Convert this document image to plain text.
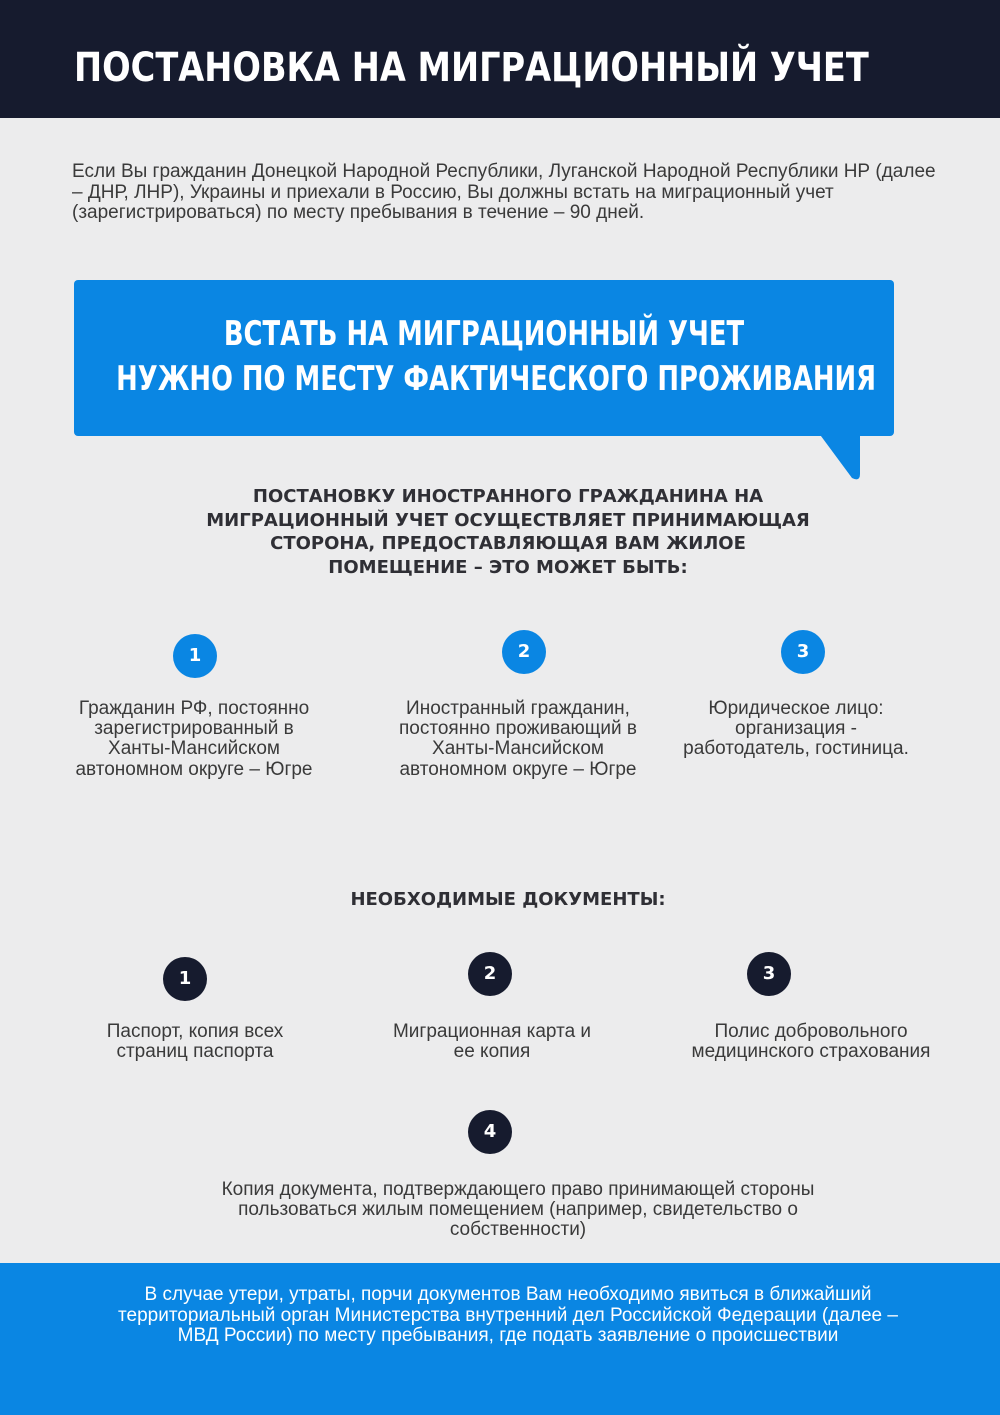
ПОСТАНОВКА НА МИГРАЦИОННЫЙ УЧЕТ

Если Вы гражданин Донецкой Народной Республики, Луганской Народной Республики НР (далее – ДНР, ЛНР), Украины и приехали в Россию, Вы должны встать на миграционный учет (зарегистрироваться) по месту пребывания в течение – 90 дней.

ВСТАТЬ НА МИГРАЦИОННЫЙ УЧЕТ
НУЖНО ПО МЕСТУ ФАКТИЧЕСКОГО ПРОЖИВАНИЯ

ПОСТАНОВКУ ИНОСТРАННОГО ГРАЖДАНИНА НА МИГРАЦИОННЫЙ УЧЕТ ОСУЩЕСТВЛЯЕТ ПРИНИМАЮЩАЯ СТОРОНА, ПРЕДОСТАВЛЯЮЩАЯ ВАМ ЖИЛОЕ ПОМЕЩЕНИЕ – ЭТО МОЖЕТ БЫТЬ:

1	2	3

Гражданин РФ, постоянно зарегистрированный в Ханты-Мансийском автономном округе – Югре

Иностранный гражданин, постоянно проживающий в Ханты-Мансийском автономном округе – Югре

Юридическое лицо: организация - работодатель, гостиница.

НЕОБХОДИМЫЕ ДОКУМЕНТЫ:

1	2	3
4

Паспорт, копия всех страниц паспорта

Миграционная карта и ее копия

Полис добровольного медицинского страхования

Копия документа, подтверждающего право принимающей стороны пользоваться жилым помещением (например, свидетельство о собственности)

В случае утери, утраты, порчи документов Вам необходимо явиться в ближайший территориальный орган Министерства внутренний дел Российской Федерации (далее – МВД России) по месту пребывания, где подать заявление о происшествии
